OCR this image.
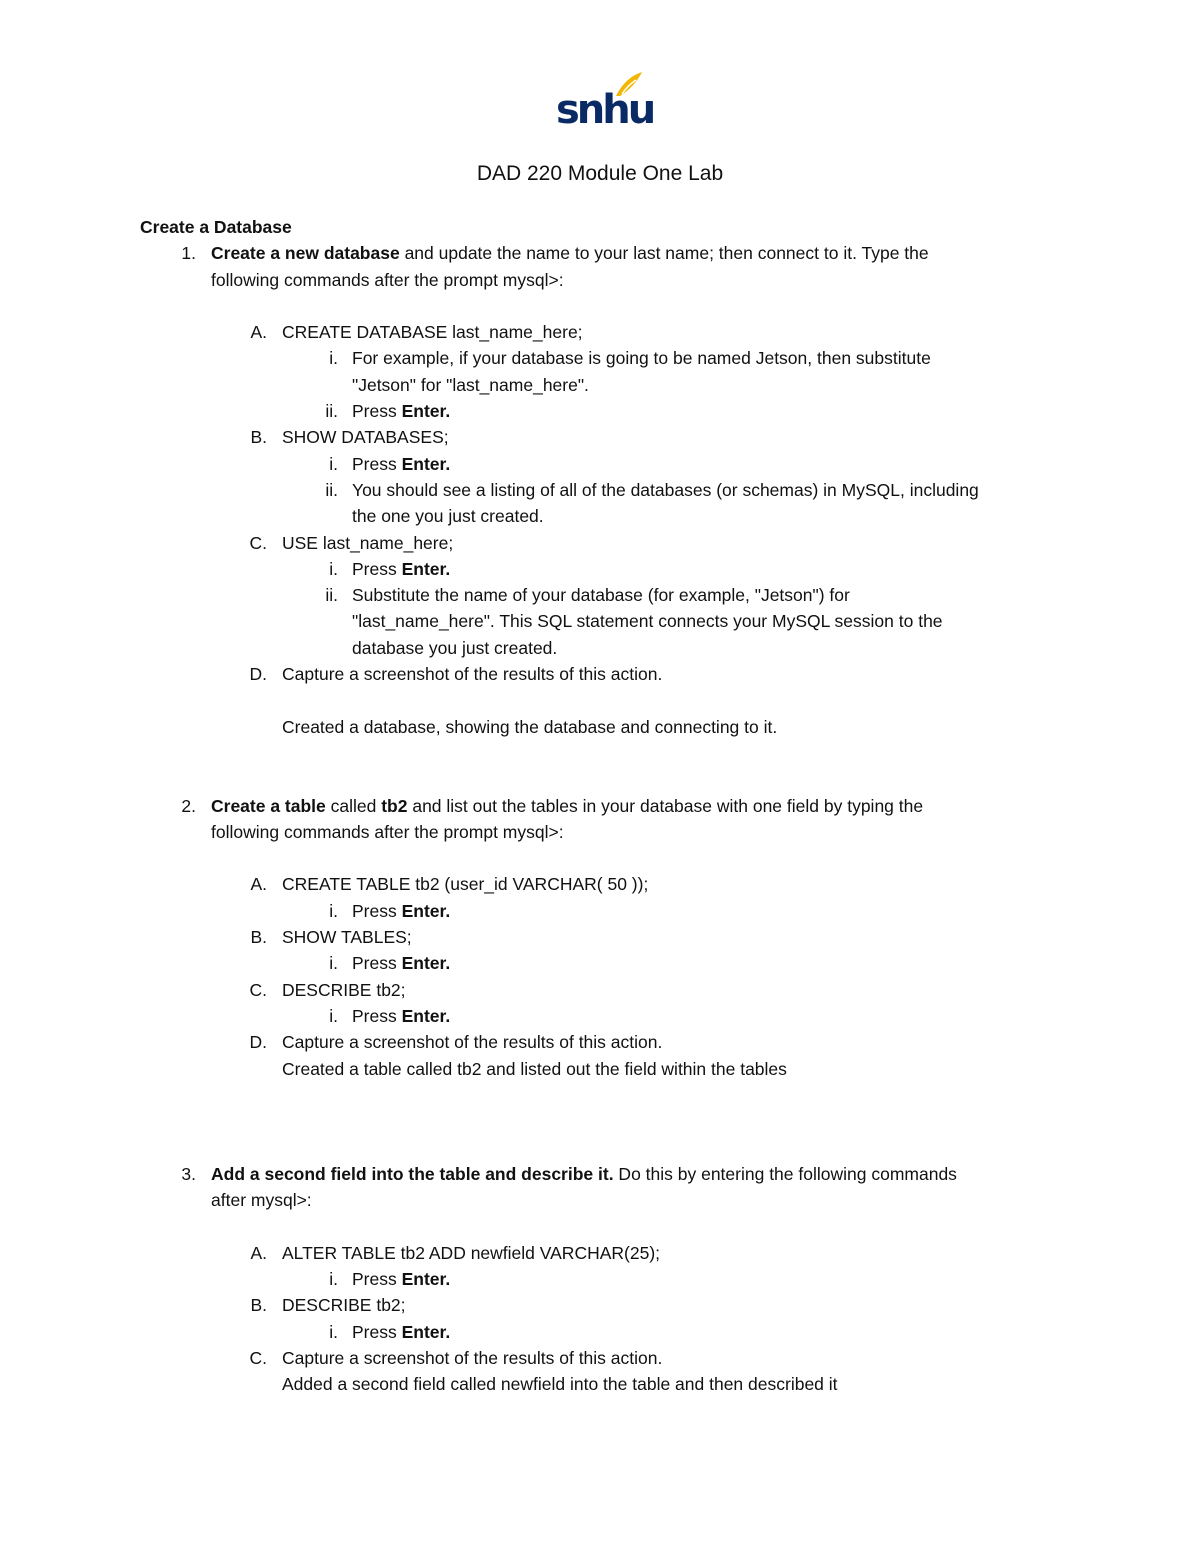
snhu
DAD 220 Module One Lab
Create a Database
1. Create a new database and update the name to your last name; then connect to it. Type the
following commands after the prompt mysql>:
A. CREATE DATABASE last_name_here;
i. For example, if your database is going to be named Jetson, then substitute
"Jetson" for "last_name_here".
ii. Press Enter.
B. SHOW DATABASES;
i. Press Enter.
ii. You should see a listing of all of the databases (or schemas) in MySQL, including
the one you just created.
C. USE last_name_here;
i. Press Enter.
ii. Substitute the name of your database (for example, "Jetson") for
"last_name_here". This SQL statement connects your MySQL session to the
database you just created.
D. Capture a screenshot of the results of this action.
Created a database, showing the database and connecting to it.
2. Create a table called tb2 and list out the tables in your database with one field by typing the
following commands after the prompt mysql>:
A. CREATE TABLE tb2 (user_id VARCHAR( 50 ));
i. Press Enter.
B. SHOW TABLES;
i. Press Enter.
C. DESCRIBE tb2;
i. Press Enter.
D. Capture a screenshot of the results of this action.
Created a table called tb2 and listed out the field within the tables
3. Add a second field into the table and describe it. Do this by entering the following commands
after mysql>:
A. ALTER TABLE tb2 ADD newfield VARCHAR(25);
i. Press Enter.
B. DESCRIBE tb2;
i. Press Enter.
C. Capture a screenshot of the results of this action.
Added a second field called newfield into the table and then described it
